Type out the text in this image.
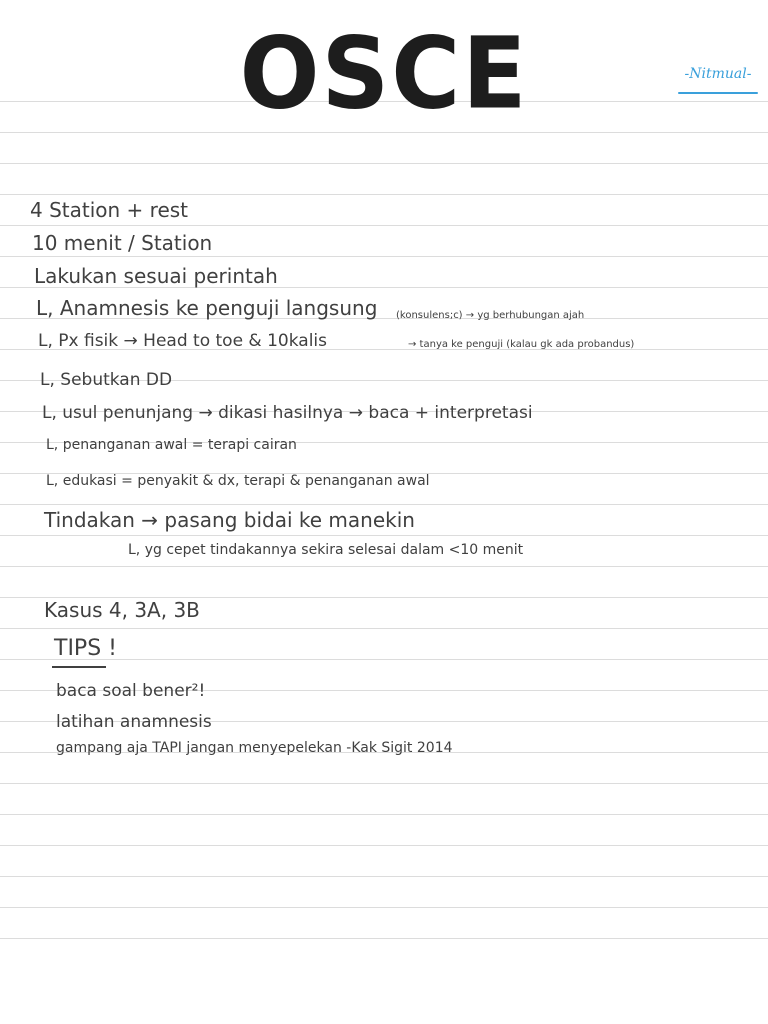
OSCE	-Nitmual-
4 Station + rest
10 menit / Station
Lakukan sesuai perintah
L, Anamnesis ke penguji langsung (konsulens;c) → yg berhubungan ajah
L, Px fisik → Head to toe & 10kalis	→ tanya ke penguji (kalau gk ada probandus)
L, Sebutkan DD
L, usul penunjang → dikasi hasilnya → baca + interpretasi
L, penanganan awal = terapi cairan
L, edukasi = penyakit & dx, terapi & penanganan awal
Tindakan → pasang bidai ke manekin
L, yg cepet tindakannya sekira selesai dalam <10 menit
Kasus 4, 3A, 3B
TIPS !
baca soal bener²!
latihan anamnesis
gampang aja TAPI jangan menyepelekan -Kak Sigit 2014
